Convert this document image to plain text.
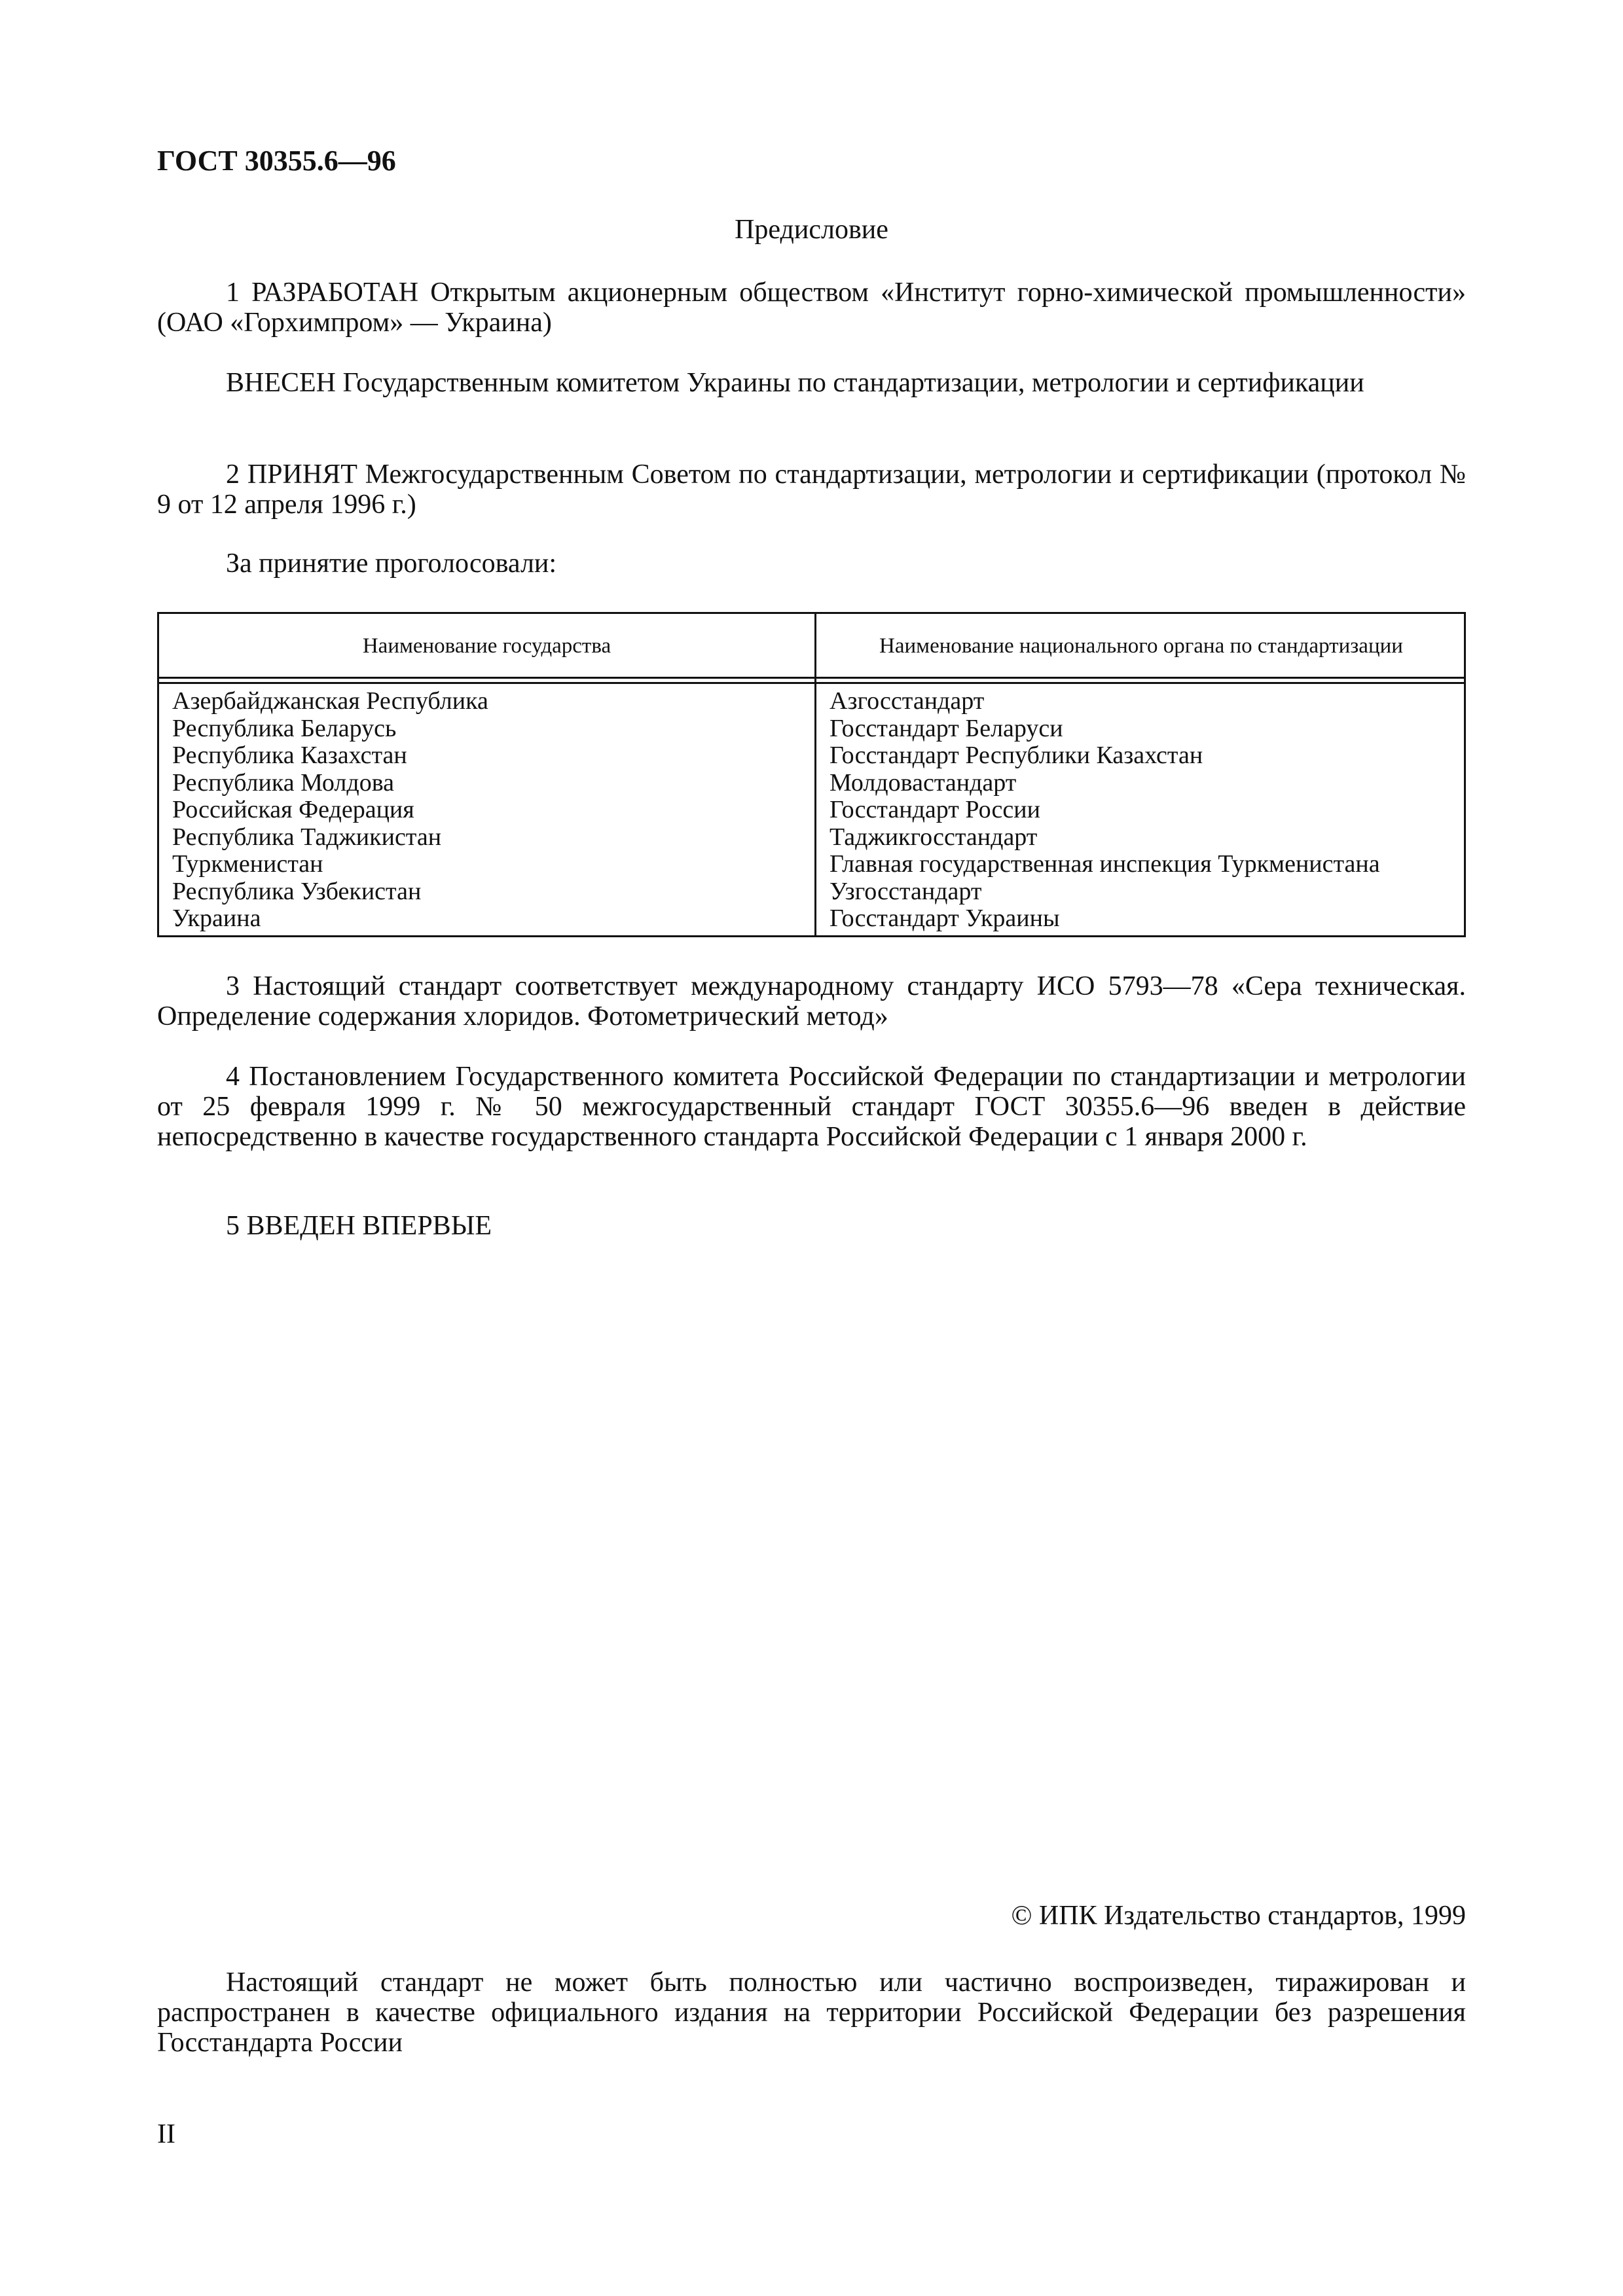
ГОСТ 30355.6—96
Предисловие

1 РАЗРАБОТАН Открытым акционерным обществом «Институт горно-химической промышленности» (ОАО «Горхимпром» — Украина)

ВНЕСЕН Государственным комитетом Украины по стандартизации, метрологии и сертификации

2 ПРИНЯТ Межгосударственным Советом по стандартизации, метрологии и сертификации (протокол № 9 от 12 апреля 1996 г.)

За принятие проголосовали:

Наименование государства	Наименование национального органа по стандартизации
Азербайджанская Республика
Республика Беларусь
Республика Казахстан
Республика Молдова
Российская Федерация
Республика Таджикистан
Туркменистан
Республика Узбекистан
Украина
Азгосстандарт
Госстандарт Беларуси
Госстандарт Республики Казахстан
Молдовастандарт
Госстандарт России
Таджикгосстандарт
Главная государственная инспекция Туркменистана
Узгосстандарт
Госстандарт Украины

3 Настоящий стандарт соответствует международному стандарту ИСО 5793—78 «Сера техническая. Определение содержания хлоридов. Фотометрический метод»

4 Постановлением Государственного комитета Российской Федерации по стандартизации и метрологии от 25 февраля 1999 г. № 50 межгосударственный стандарт ГОСТ 30355.6—96 введен в действие непосредственно в качестве государственного стандарта Российской Федерации с 1 января 2000 г.

5 ВВЕДЕН ВПЕРВЫЕ

© ИПК Издательство стандартов, 1999

Настоящий стандарт не может быть полностью или частично воспроизведен, тиражирован и распространен в качестве официального издания на территории Российской Федерации без разрешения Госстандарта России

II
